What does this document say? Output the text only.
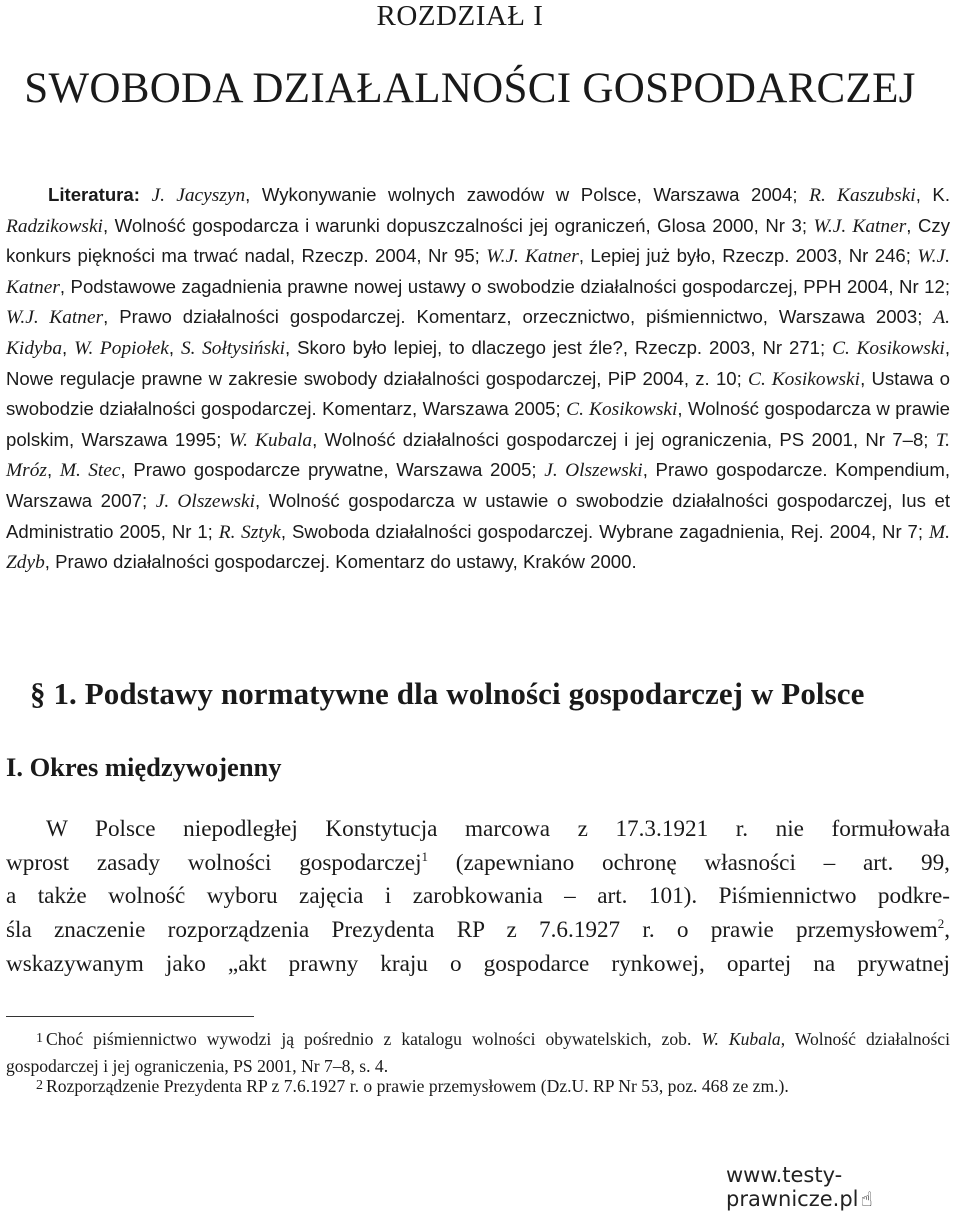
ROZDZIAŁ I
SWOBODA DZIAŁALNOŚCI GOSPODARCZEJ

Literatura: J. Jacyszyn, Wykonywanie wolnych zawodów w Polsce, Warszawa 2004; R. Kaszubski, K. Radzikowski, Wolność gospodarcza i warunki dopuszczalności jej ograniczeń, Glosa 2000, Nr 3; W.J. Katner, Czy konkurs piękności ma trwać nadal, Rzeczp. 2004, Nr 95; W.J. Katner, Lepiej już było, Rzeczp. 2003, Nr 246; W.J. Katner, Podstawowe zagadnienia prawne nowej ustawy o swobodzie działalności gospodarczej, PPH 2004, Nr 12; W.J. Katner, Prawo działalności gospodarczej. Komentarz, orzecznictwo, piśmiennictwo, Warszawa 2003; A. Kidyba, W. Popiołek, S. Sołtysiński, Skoro było lepiej, to dlaczego jest źle?, Rzeczp. 2003, Nr 271; C. Kosikowski, Nowe regulacje prawne w zakresie swobody działalności gospodarczej, PiP 2004, z. 10; C. Kosikowski, Ustawa o swobodzie działalności gospodarczej. Komentarz, Warszawa 2005; C. Kosikowski, Wolność gospodarcza w prawie polskim, Warszawa 1995; W. Kubala, Wolność działalności gospodarczej i jej ograniczenia, PS 2001, Nr 7–8; T. Mróz, M. Stec, Prawo gospodarcze prywatne, Warszawa 2005; J. Olszewski, Prawo gospodarcze. Kompendium, Warszawa 2007; J. Olszewski, Wolność gospodarcza w ustawie o swobodzie działalności gospodarczej, Ius et Administratio 2005, Nr 1; R. Sztyk, Swoboda działalności gospodarczej. Wybrane zagadnienia, Rej. 2004, Nr 7; M. Zdyb, Prawo działalności gospodarczej. Komentarz do ustawy, Kraków 2000.

§ 1. Podstawy normatywne dla wolności gospodarczej w Polsce
I. Okres międzywojenny

W Polsce niepodległej Konstytucja marcowa z 17.3.1921 r. nie formułowała
wprost zasady wolności gospodarczej$^1$ (zapewniano ochronę własności – art. 99,
a także wolność wyboru zajęcia i zarobkowania – art. 101). Piśmiennictwo podkre-
śla znaczenie rozporządzenia Prezydenta RP z 7.6.1927 r. o prawie przemysłowem$^2$,
wskazywanym jako „akt prawny kraju o gospodarce rynkowej, opartej na prywatnej

1 Choć piśmiennictwo wywodzi ją pośrednio z katalogu wolności obywatelskich, zob. W. Kubala, Wolność działalności gospodarczej i jej ograniczenia, PS 2001, Nr 7–8, s. 4.

2 Rozporządzenie Prezydenta RP z 7.6.1927 r. o prawie przemysłowem (Dz.U. RP Nr 53, poz. 468 ze zm.).

www.testy-prawnicze.pl ☝
